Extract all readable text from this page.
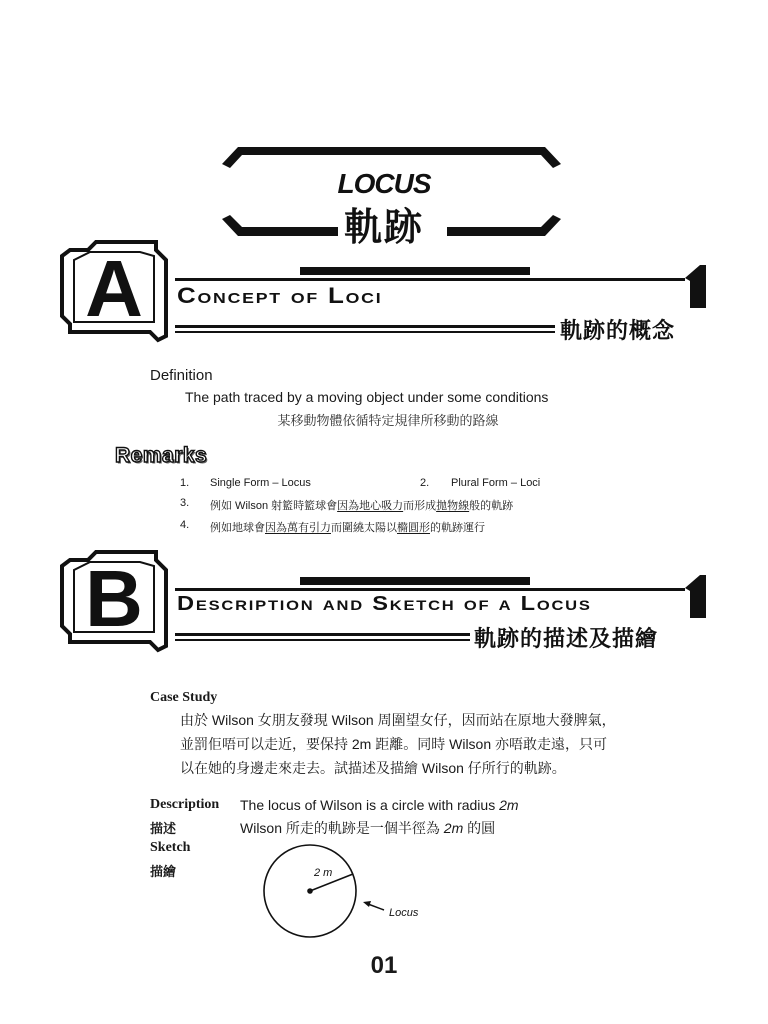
LOCUS
軌跡
A	Concept of Loci
軌跡的概念
Definition
The path traced by a moving object under some conditions
某移動物體依循特定規律所移動的路線
Remarks
1. Single Form – Locus	2. Plural Form – Loci
3. 例如 Wilson 射籃時籃球會因為地心吸力而形成拋物線般的軌跡
4. 例如地球會因為萬有引力而圍繞太陽以橢圓形的軌跡運行
B	Description and Sketch of a Locus
軌跡的描述及描繪
Case Study
由於 Wilson 女朋友發現 Wilson 周圍望女仔，因而站在原地大發脾氣，
並罰佢唔可以走近，要保持 2m 距離。同時 Wilson 亦唔敢走遠，只可
以在她的身邊走來走去。試描述及描繪 Wilson 仔所行的軌跡。
Description The locus of Wilson is a circle with radius 2m
描述	Wilson 所走的軌跡是一個半徑為 2m 的圓
Sketch
描繪	2 m
Locus
01
